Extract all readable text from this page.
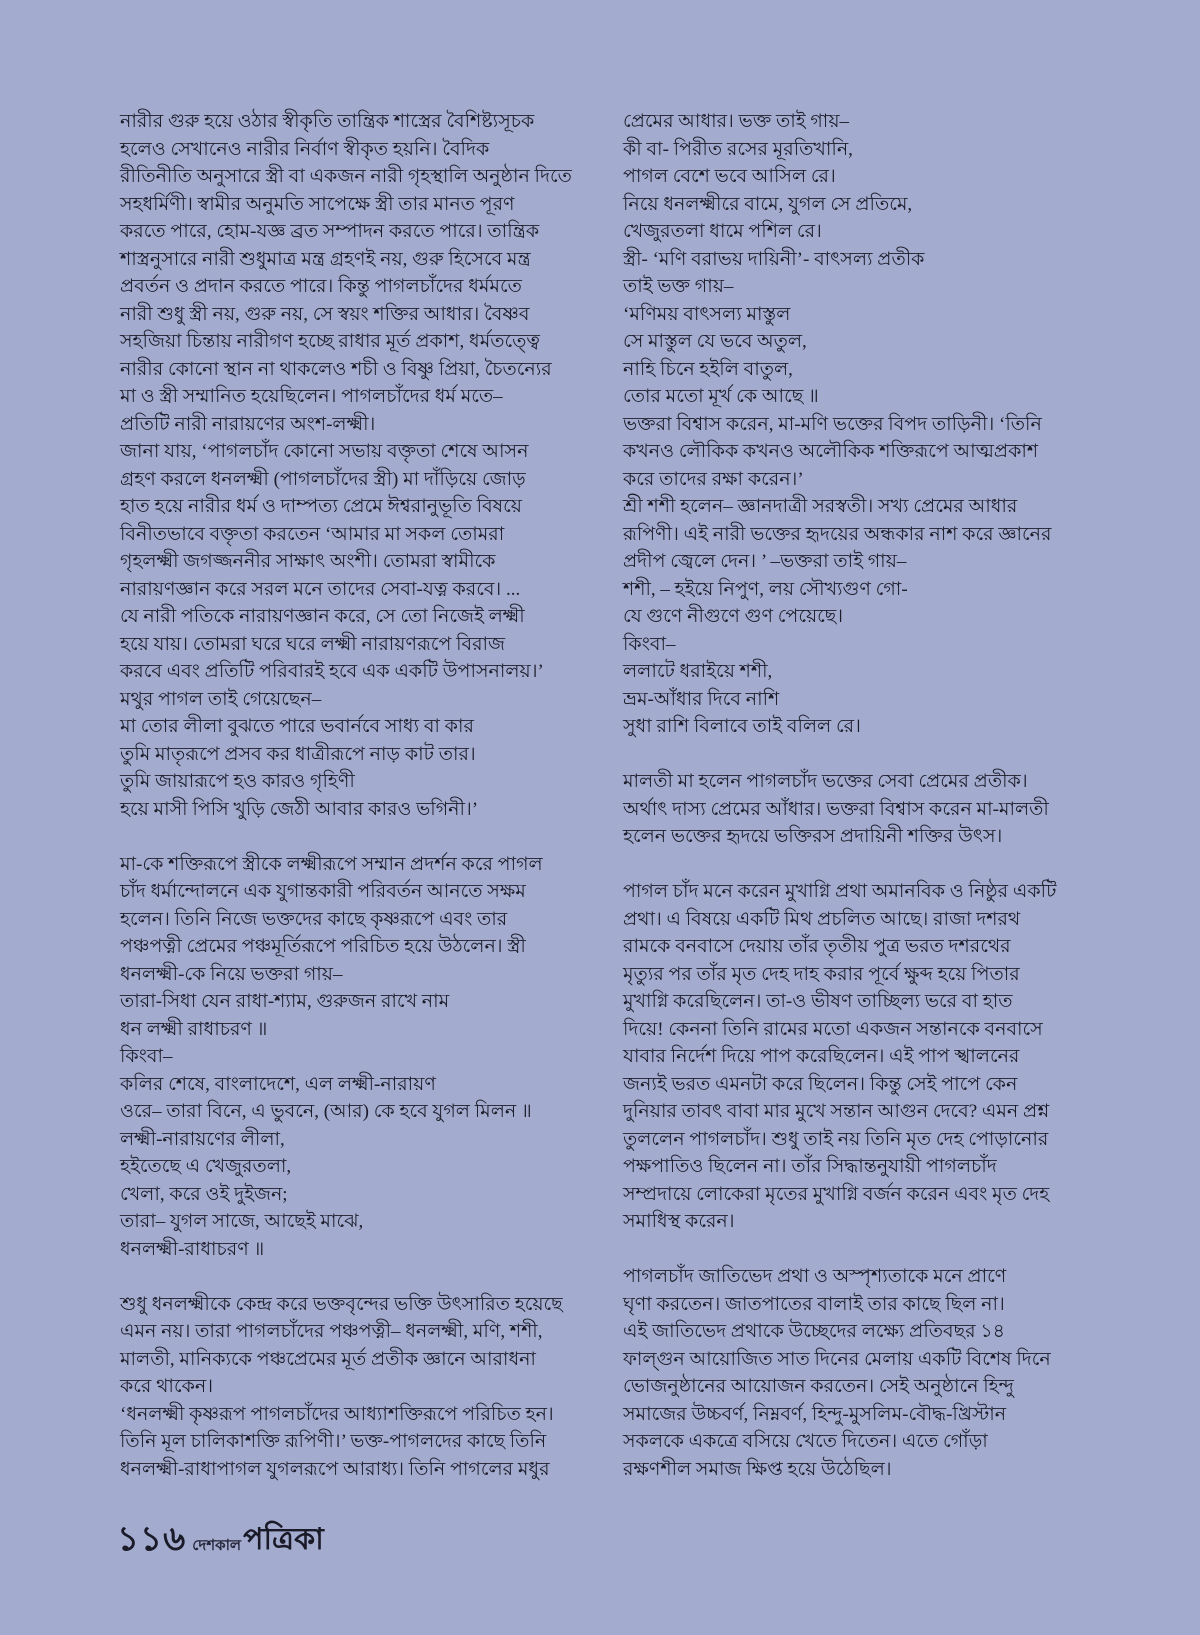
নারীর গুরু হয়ে ওঠার স্বীকৃতি তান্ত্রিক শাস্ত্রের বৈশিষ্ট্যসূচক
হলেও সেখানেও নারীর নির্বাণ স্বীকৃত হয়নি। বৈদিক
রীতিনীতি অনুসারে স্ত্রী বা একজন নারী গৃহস্থালি অনুষ্ঠান দিতে
সহধর্মিণী। স্বামীর অনুমতি সাপেক্ষে স্ত্রী তার মানত পূরণ
করতে পারে, হোম-যজ্ঞ ব্রত সম্পাদন করতে পারে। তান্ত্রিক
শাস্ত্রনুসারে নারী শুধুমাত্র মন্ত্র গ্রহণই নয়, গুরু হিসেবে মন্ত্র
প্রবর্তন ও প্রদান করতে পারে। কিন্তু পাগলচাঁদের ধর্মমতে
নারী শুধু স্ত্রী নয়, গুরু নয়, সে স্বয়ং শক্তির আধার। বৈষ্ণব
সহজিয়া চিন্তায় নারীগণ হচ্ছে রাধার মূর্ত প্রকাশ, ধর্মতত্ত্বে
নারীর কোনো স্থান না থাকলেও শচী ও বিষ্ণু প্রিয়া, চৈতন্যের
মা ও স্ত্রী সম্মানিত হয়েছিলেন। পাগলচাঁদের ধর্ম মতে–
প্রতিটি নারী নারায়ণের অংশ-লক্ষ্মী।
জানা যায়, ‘পাগলচাঁদ কোনো সভায় বক্তৃতা শেষে আসন
গ্রহণ করলে ধনলক্ষ্মী (পাগলচাঁদের স্ত্রী) মা দাঁড়িয়ে জোড়
হাত হয়ে নারীর ধর্ম ও দাম্পত্য প্রেমে ঈশ্বরানুভূতি বিষয়ে
বিনীতভাবে বক্তৃতা করতেন ‘আমার মা সকল তোমরা
গৃহলক্ষ্মী জগজ্জননীর সাক্ষাৎ অংশী। তোমরা স্বামীকে
নারায়ণজ্ঞান করে সরল মনে তাদের সেবা-যত্ন করবে। ...
যে নারী পতিকে নারায়ণজ্ঞান করে, সে তো নিজেই লক্ষ্মী
হয়ে যায়। তোমরা ঘরে ঘরে লক্ষ্মী নারায়ণরূপে বিরাজ
করবে এবং প্রতিটি পরিবারই হবে এক একটি উপাসনালয়।’
মথুর পাগল তাই গেয়েছেন–
মা তোর লীলা বুঝতে পারে ভবার্নবে সাধ্য বা কার
তুমি মাতৃরূপে প্রসব কর ধাত্রীরূপে নাড় কাট তার।
তুমি জায়ারূপে হও কারও গৃহিণী
হয়ে মাসী পিসি খুড়ি জেঠী আবার কারও ভগিনী।’
মা-কে শক্তিরূপে স্ত্রীকে লক্ষ্মীরূপে সম্মান প্রদর্শন করে পাগল
চাঁদ ধর্মান্দোলনে এক যুগান্তকারী পরিবর্তন আনতে সক্ষম
হলেন। তিনি নিজে ভক্তদের কাছে কৃষ্ণরূপে এবং তার
পঞ্চপত্নী প্রেমের পঞ্চমূর্তিরূপে পরিচিত হয়ে উঠলেন। স্ত্রী
ধনলক্ষ্মী-কে নিয়ে ভক্তরা গায়–
তারা-সিধা যেন রাধা-শ্যাম, গুরুজন রাখে নাম
ধন লক্ষ্মী রাধাচরণ ॥
কিংবা–
কলির শেষে, বাংলাদেশে, এল লক্ষ্মী-নারায়ণ
ওরে– তারা বিনে, এ ভুবনে, (আর) কে হবে যুগল মিলন ॥
লক্ষ্মী-নারায়ণের লীলা,
হইতেছে এ খেজুরতলা,
খেলা, করে ওই দুইজন;
তারা– যুগল সাজে, আছেই মাঝে,
ধনলক্ষ্মী-রাধাচরণ ॥
শুধু ধনলক্ষ্মীকে কেন্দ্র করে ভক্তবৃন্দের ভক্তি উৎসারিত হয়েছে
এমন নয়। তারা পাগলচাঁদের পঞ্চপত্নী– ধনলক্ষ্মী, মণি, শশী,
মালতী, মানিক্যকে পঞ্চপ্রেমের মূর্ত প্রতীক জ্ঞানে আরাধনা
করে থাকেন।
‘ধনলক্ষ্মী কৃষ্ণরূপ পাগলচাঁদের আধ্যাশক্তিরূপে পরিচিত হন।
তিনি মূল চালিকাশক্তি রূপিণী।’ ভক্ত-পাগলদের কাছে তিনি
ধনলক্ষ্মী-রাধাপাগল যুগলরূপে আরাধ্য। তিনি পাগলের মধুর
প্রেমের আধার। ভক্ত তাই গায়–
কী বা- পিরীত রসের মূরতিখানি,
পাগল বেশে ভবে আসিল রে।
নিয়ে ধনলক্ষ্মীরে বামে, যুগল সে প্রতিমে,
খেজুরতলা ধামে পশিল রে।
স্ত্রী- ‘মণি বরাভয় দায়িনী’- বাৎসল্য প্রতীক
তাই ভক্ত গায়–
‘মণিময় বাৎসল্য মাস্তুল
সে মাস্তুল যে ভবে অতুল,
নাহি চিনে হইলি বাতুল,
তোর মতো মূর্খ কে আছে ॥
ভক্তরা বিশ্বাস করেন, মা-মণি ভক্তের বিপদ তাড়িনী। ‘তিনি
কখনও লৌকিক কখনও অলৌকিক শক্তিরূপে আত্মপ্রকাশ
করে তাদের রক্ষা করেন।’
শ্রী শশী হলেন– জ্ঞানদাত্রী সরস্বতী। সখ্য প্রেমের আধার
রূপিণী। এই নারী ভক্তের হৃদয়ের অন্ধকার নাশ করে জ্ঞানের
প্রদীপ জ্বেলে দেন। ’ –ভক্তরা তাই গায়–
শশী, – হইয়ে নিপুণ, লয় সৌখ্যগুণ গো-
যে গুণে নীগুণে গুণ পেয়েছে।
কিংবা–
ললাটে ধরাইয়ে শশী,
ভ্রম-আঁধার দিবে নাশি
সুধা রাশি বিলাবে তাই বলিল রে।
মালতী মা হলেন পাগলচাঁদ ভক্তের সেবা প্রেমের প্রতীক।
অর্থাৎ দাস্য প্রেমের আঁধার। ভক্তরা বিশ্বাস করেন মা-মালতী
হলেন ভক্তের হৃদয়ে ভক্তিরস প্রদায়িনী শক্তির উৎস।
পাগল চাঁদ মনে করেন মুখাগ্নি প্রথা অমানবিক ও নিষ্ঠুর একটি
প্রথা। এ বিষয়ে একটি মিথ প্রচলিত আছে। রাজা দশরথ
রামকে বনবাসে দেয়ায় তাঁর তৃতীয় পুত্র ভরত দশরথের
মৃত্যুর পর তাঁর মৃত দেহ দাহ করার পূর্বে ক্ষুব্দ হয়ে পিতার
মুখাগ্নি করেছিলেন। তা-ও ভীষণ তাচ্ছিল্য ভরে বা হাত
দিয়ে! কেননা তিনি রামের মতো একজন সন্তানকে বনবাসে
যাবার নির্দেশ দিয়ে পাপ করেছিলেন। এই পাপ স্খালনের
জন্যই ভরত এমনটা করে ছিলেন। কিন্তু সেই পাপে কেন
দুনিয়ার তাবৎ বাবা মার মুখে সন্তান আগুন দেবে? এমন প্রশ্ন
তুললেন পাগলচাঁদ। শুধু তাই নয় তিনি মৃত দেহ পোড়ানোর
পক্ষপাতিও ছিলেন না। তাঁর সিদ্ধান্তনুযায়ী পাগলচাঁদ
সম্প্রদায়ে লোকেরা মৃতের মুখাগ্নি বর্জন করেন এবং মৃত দেহ
সমাধিস্থ করেন।
পাগলচাঁদ জাতিভেদ প্রথা ও অস্পৃশ্যতাকে মনে প্রাণে
ঘৃণা করতেন। জাতপাতের বালাই তার কাছে ছিল না।
এই জাতিভেদ প্রথাকে উচ্ছেদের লক্ষ্যে প্রতিবছর ১৪
ফাল্গুন আয়োজিত সাত দিনের মেলায় একটি বিশেষ দিনে
ভোজনুষ্ঠানের আয়োজন করতেন। সেই অনুষ্ঠানে হিন্দু
সমাজের উচ্চবর্ণ, নিম্নবর্ণ, হিন্দু-মুসলিম-বৌদ্ধ-খ্রিস্টান
সকলকে একত্রে বসিয়ে খেতে দিতেন। এতে গোঁড়া
রক্ষণশীল সমাজ ক্ষিপ্ত হয়ে উঠেছিল।
১১৬ দেশকাল পত্রিকা
